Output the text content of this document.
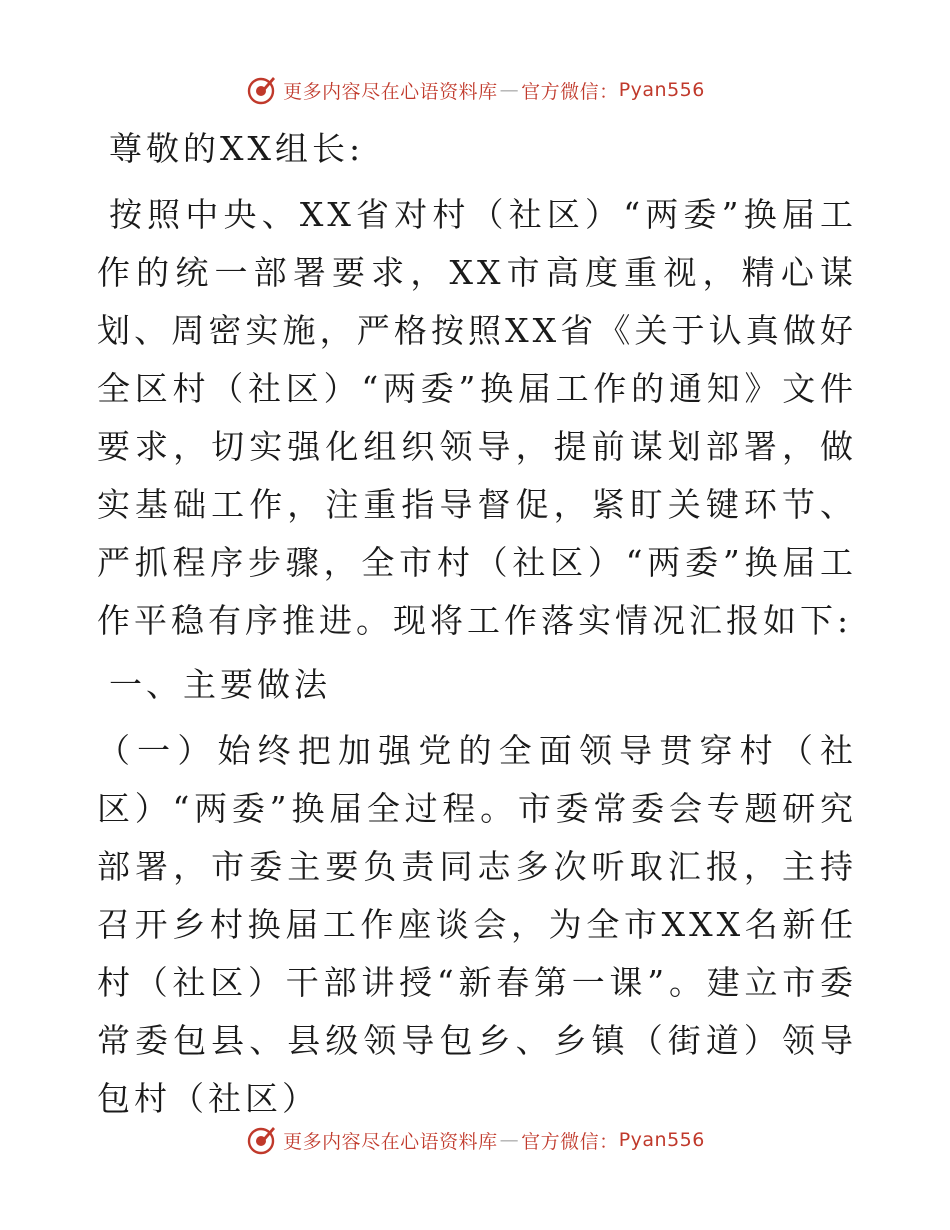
更多内容尽在心语资料库 — 官方微信： Pyan556

尊敬的XX组长:

按照中央、XX省对村（社区）“两委”换届工作的统一部署要求，XX市高度重视，精心谋划、周密实施，严格按照XX省《关于认真做好全区村（社区）“两委”换届工作的通知》文件要求，切实强化组织领导，提前谋划部署，做实基础工作，注重指导督促，紧盯关键环节、严抓程序步骤，全市村（社区）“两委”换届工作平稳有序推进。现将工作落实情况汇报如下:

一、主要做法

（一）始终把加强党的全面领导贯穿村（社区）“两委”换届全过程。市委常委会专题研究部署，市委主要负责同志多次听取汇报，主持召开乡村换届工作座谈会，为全市XXX名新任村（社区）干部讲授“新春第一课”。建立市委常委包县、县级领导包乡、乡镇（街道）领导包村（社区）

更多内容尽在心语资料库 — 官方微信： Pyan556
